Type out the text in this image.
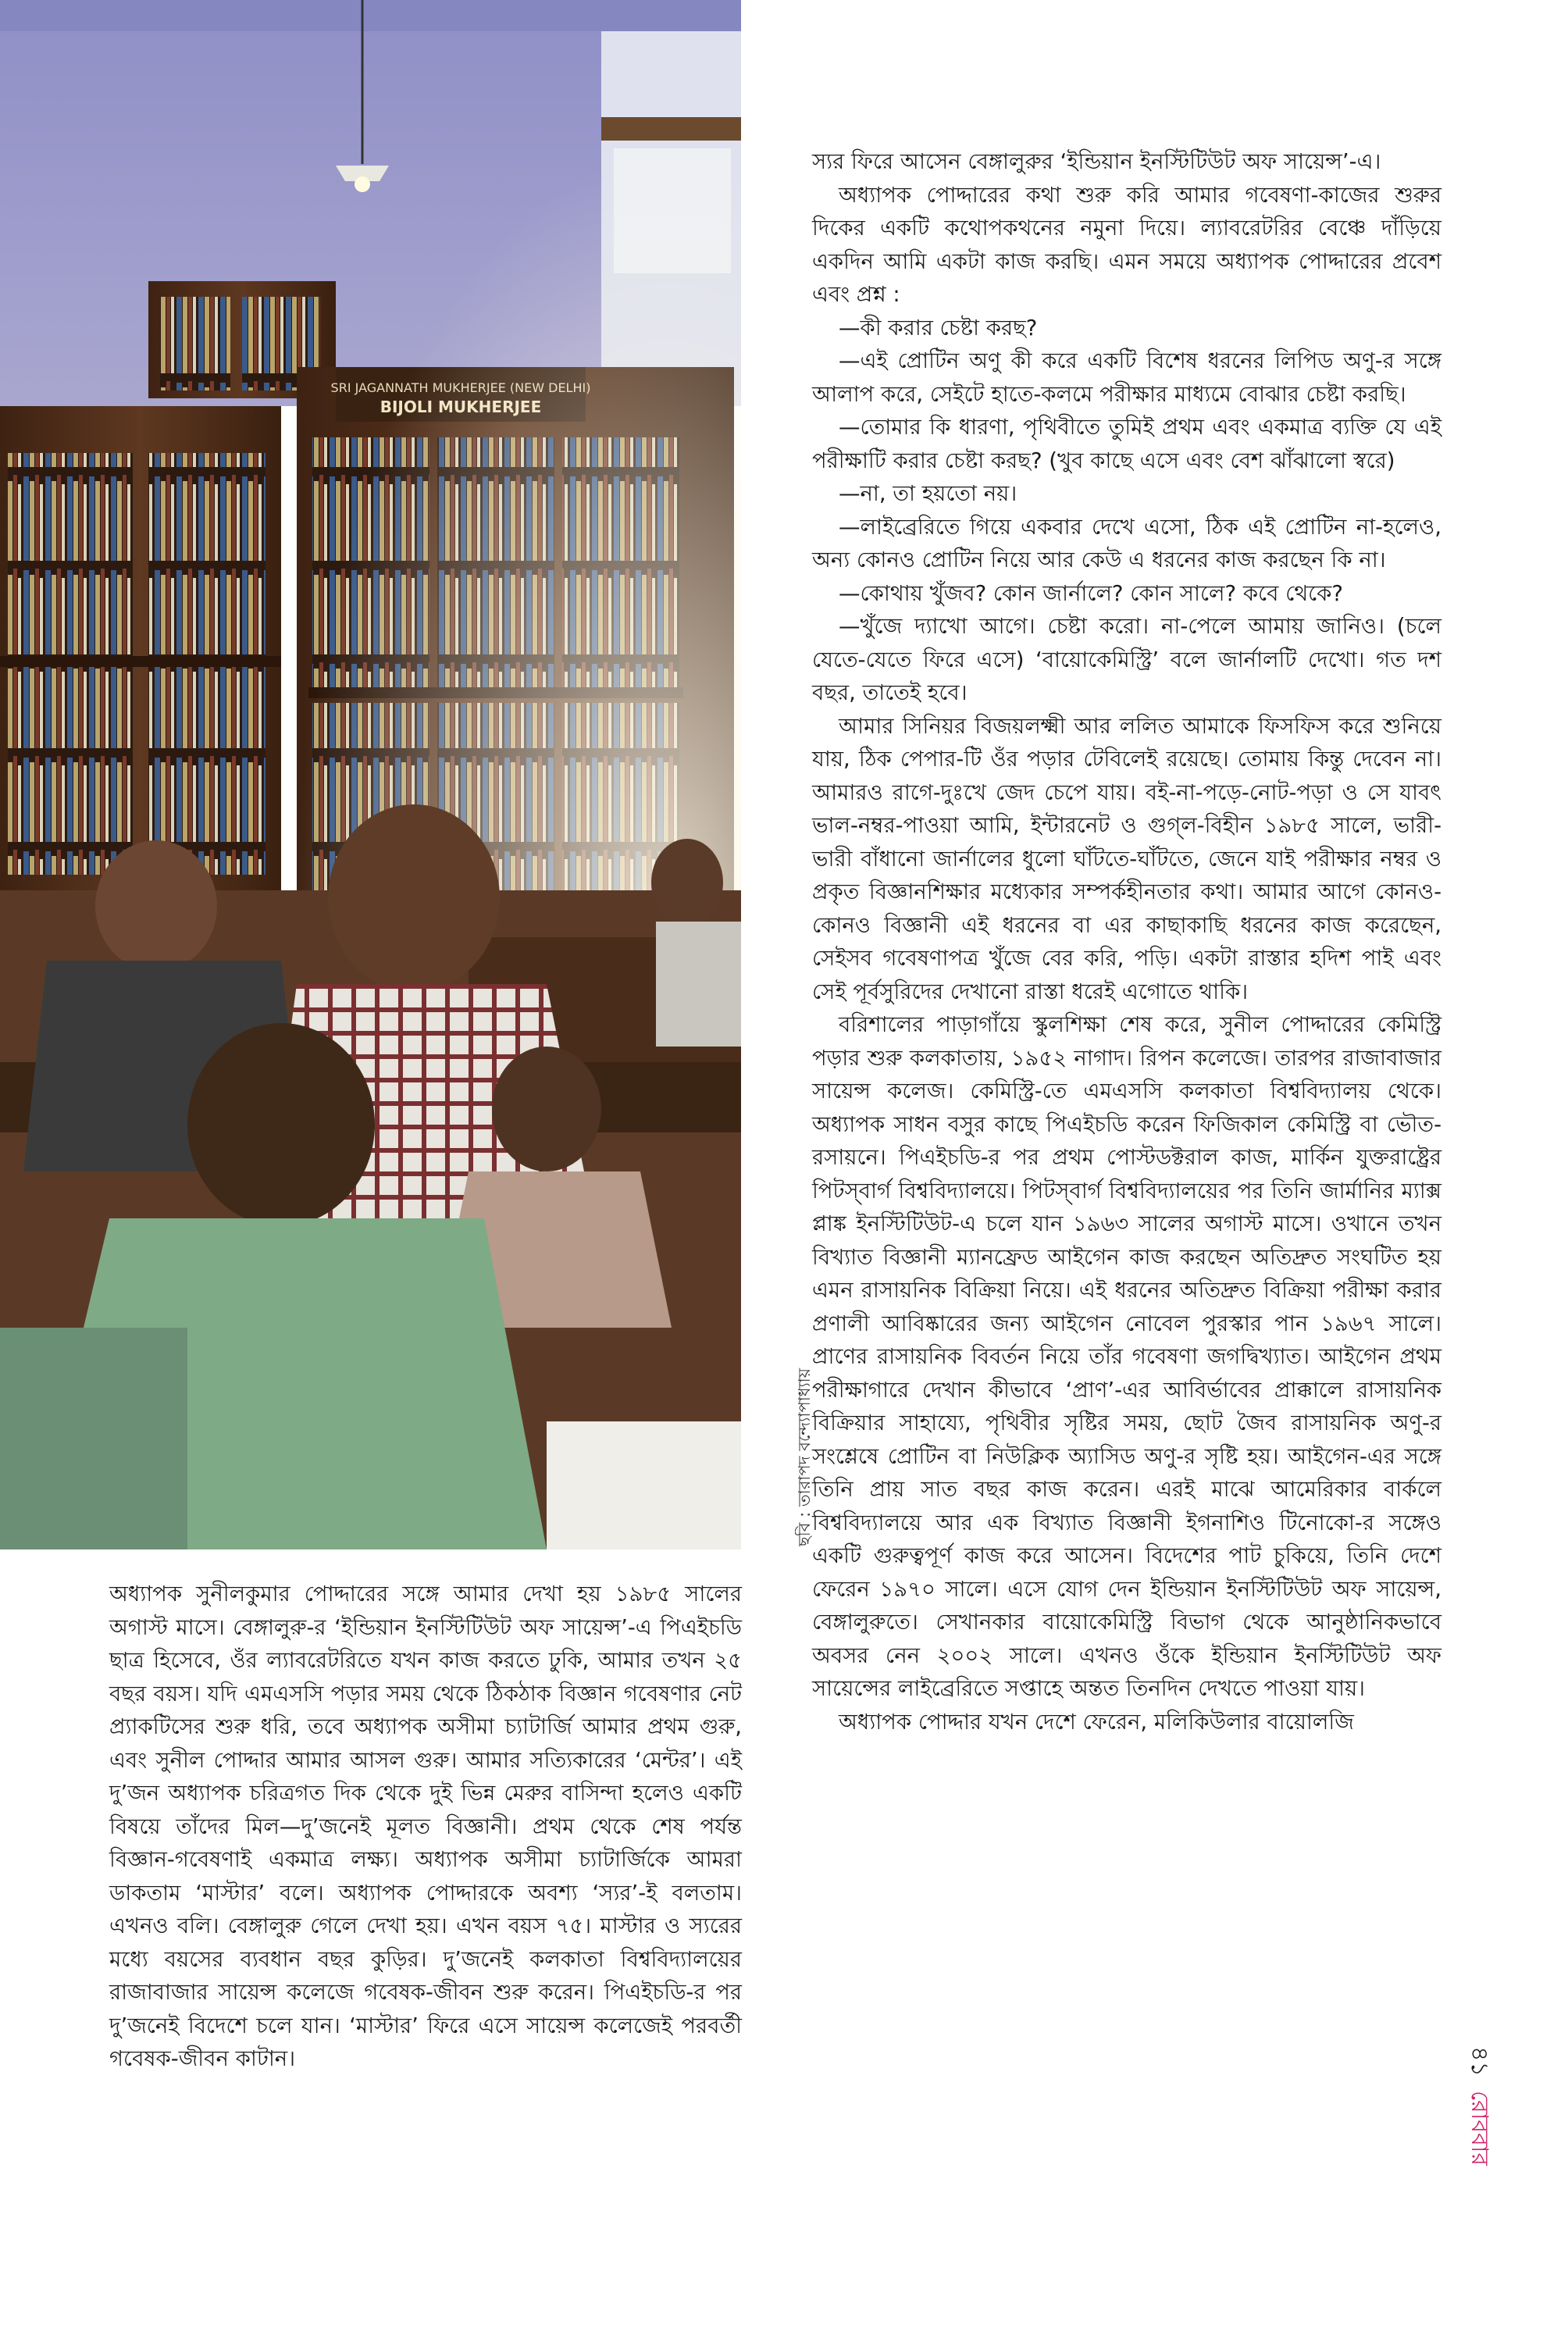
ছবি : তারাপদ বন্দ্যোপাধ্যায়

অধ্যাপক সুনীলকুমার পোদ্দারের সঙ্গে আমার দেখা হয় ১৯৮৫ সালের অগাস্ট মাসে। বেঙ্গালুরু-র ‘ইন্ডিয়ান ইনস্টিটিউট অফ সায়েন্স’-এ পিএইচডি ছাত্র হিসেবে, ওঁর ল্যাবরেটরিতে যখন কাজ করতে ঢুকি, আমার তখন ২৫ বছর বয়স। যদি এমএসসি পড়ার সময় থেকে ঠিকঠাক বিজ্ঞান গবেষণার নেট প্র্যাকটিসের শুরু ধরি, তবে অধ্যাপক অসীমা চ্যাটার্জি আমার প্রথম গুরু, এবং সুনীল পোদ্দার আমার আসল গুরু। আমার সত্যিকারের ‘মেন্টর’। এই দু’জন অধ্যাপক চরিত্রগত দিক থেকে দুই ভিন্ন মেরুর বাসিন্দা হলেও একটি বিষয়ে তাঁদের মিল—দু’জনেই মূলত বিজ্ঞানী। প্রথম থেকে শেষ পর্যন্ত বিজ্ঞান-গবেষণাই একমাত্র লক্ষ্য। অধ্যাপক অসীমা চ্যাটার্জিকে আমরা ডাকতাম ‘মাস্টার’ বলে। অধ্যাপক পোদ্দারকে অবশ্য ‘স্যর’-ই বলতাম। এখনও বলি। বেঙ্গালুরু গেলে দেখা হয়। এখন বয়স ৭৫। মাস্টার ও স্যরের মধ্যে বয়সের ব্যবধান বছর কুড়ির। দু’জনেই কলকাতা বিশ্ববিদ্যালয়ের রাজাবাজার সায়েন্স কলেজে গবেষক-জীবন শুরু করেন। পিএইচডি-র পর দু’জনেই বিদেশে চলে যান। ‘মাস্টার’ ফিরে এসে সায়েন্স কলেজেই পরবর্তী গবেষক-জীবন কাটান।

স্যর ফিরে আসেন বেঙ্গালুরুর ‘ইন্ডিয়ান ইনস্টিটিউট অফ সায়েন্স’-এ।

অধ্যাপক পোদ্দারের কথা শুরু করি আমার গবেষণা-কাজের শুরুর দিকের একটি কথোপকথনের নমুনা দিয়ে। ল্যাবরেটরির বেঞ্চে দাঁড়িয়ে একদিন আমি একটা কাজ করছি। এমন সময়ে অধ্যাপক পোদ্দারের প্রবেশ এবং প্রশ্ন :

—কী করার চেষ্টা করছ?

—এই প্রোটিন অণু কী করে একটি বিশেষ ধরনের লিপিড অণু-র সঙ্গে আলাপ করে, সেইটে হাতে-কলমে পরীক্ষার মাধ্যমে বোঝার চেষ্টা করছি।

—তোমার কি ধারণা, পৃথিবীতে তুমিই প্রথম এবং একমাত্র ব্যক্তি যে এই পরীক্ষাটি করার চেষ্টা করছ? (খুব কাছে এসে এবং বেশ ঝাঁঝালো স্বরে)

—না, তা হয়তো নয়।

—লাইব্রেরিতে গিয়ে একবার দেখে এসো, ঠিক এই প্রোটিন না-হলেও, অন্য কোনও প্রোটিন নিয়ে আর কেউ এ ধরনের কাজ করছেন কি না।

—কোথায় খুঁজব? কোন জার্নালে? কোন সালে? কবে থেকে?

—খুঁজে দ্যাখো আগে। চেষ্টা করো। না-পেলে আমায় জানিও। (চলে যেতে-যেতে ফিরে এসে) ‘বায়োকেমিস্ট্রি’ বলে জার্নালটি দেখো। গত দশ বছর, তাতেই হবে।

আমার সিনিয়র বিজয়লক্ষ্মী আর ললিত আমাকে ফিসফিস করে শুনিয়ে যায়, ঠিক পেপার-টি ওঁর পড়ার টেবিলেই রয়েছে। তোমায় কিন্তু দেবেন না। আমারও রাগে-দুঃখে জেদ চেপে যায়। বই-না-পড়ে-নোট-পড়া ও সে যাবৎ ভাল-নম্বর-পাওয়া আমি, ইন্টারনেট ও গুগ্‌ল-বিহীন ১৯৮৫ সালে, ভারী-ভারী বাঁধানো জার্নালের ধুলো ঘাঁটতে-ঘাঁটতে, জেনে যাই পরীক্ষার নম্বর ও প্রকৃত বিজ্ঞানশিক্ষার মধ্যেকার সম্পর্কহীনতার কথা। আমার আগে কোনও-কোনও বিজ্ঞানী এই ধরনের বা এর কাছাকাছি ধরনের কাজ করেছেন, সেইসব গবেষণাপত্র খুঁজে বের করি, পড়ি। একটা রাস্তার হদিশ পাই এবং সেই পূর্বসুরিদের দেখানো রাস্তা ধরেই এগোতে থাকি।

বরিশালের পাড়াগাঁয়ে স্কুলশিক্ষা শেষ করে, সুনীল পোদ্দারের কেমিস্ট্রি পড়ার শুরু কলকাতায়, ১৯৫২ নাগাদ। রিপন কলেজে। তারপর রাজাবাজার সায়েন্স কলেজ। কেমিস্ট্রি-তে এমএসসি কলকাতা বিশ্ববিদ্যালয় থেকে। অধ্যাপক সাধন বসুর কাছে পিএইচডি করেন ফিজিকাল কেমিস্ট্রি বা ভৌত-রসায়নে। পিএইচডি-র পর প্রথম পোস্টডক্টরাল কাজ, মার্কিন যুক্তরাষ্ট্রের পিটস্‌বার্গ বিশ্ববিদ্যালয়ে। পিটস্‌বার্গ বিশ্ববিদ্যালয়ের পর তিনি জার্মানির ম্যাক্স প্লাঙ্ক ইনস্টিটিউট-এ চলে যান ১৯৬৩ সালের অগাস্ট মাসে। ওখানে তখন বিখ্যাত বিজ্ঞানী ম্যানফ্রেড আইগেন কাজ করছেন অতিদ্রুত সংঘটিত হয় এমন রাসায়নিক বিক্রিয়া নিয়ে। এই ধরনের অতিদ্রুত বিক্রিয়া পরীক্ষা করার প্রণালী আবিষ্কারের জন্য আইগেন নোবেল পুরস্কার পান ১৯৬৭ সালে। প্রাণের রাসায়নিক বিবর্তন নিয়ে তাঁর গবেষণা জগদ্বিখ্যাত। আইগেন প্রথম পরীক্ষাগারে দেখান কীভাবে ‘প্রাণ’-এর আবির্ভাবের প্রাক্কালে রাসায়নিক বিক্রিয়ার সাহায্যে, পৃথিবীর সৃষ্টির সময়, ছোট জৈব রাসায়নিক অণু-র সংশ্লেষে প্রোটিন বা নিউক্লিক অ্যাসিড অণু-র সৃষ্টি হয়। আইগেন-এর সঙ্গে তিনি প্রায় সাত বছর কাজ করেন। এরই মাঝে আমেরিকার বার্কলে বিশ্ববিদ্যালয়ে আর এক বিখ্যাত বিজ্ঞানী ইগনাশিও টিনোকো-র সঙ্গেও একটি গুরুত্বপূর্ণ কাজ করে আসেন। বিদেশের পাট চুকিয়ে, তিনি দেশে ফেরেন ১৯৭০ সালে। এসে যোগ দেন ইন্ডিয়ান ইনস্টিটিউট অফ সায়েন্স, বেঙ্গালুরুতে। সেখানকার বায়োকেমিস্ট্রি বিভাগ থেকে আনুষ্ঠানিকভাবে অবসর নেন ২০০২ সালে। এখনও ওঁকে ইন্ডিয়ান ইনস্টিটিউট অফ সায়েন্সের লাইব্রেরিতে সপ্তাহে অন্তত তিনদিন দেখতে পাওয়া যায়।

অধ্যাপক পোদ্দার যখন দেশে ফেরেন, মলিকিউলার বায়োলজি

৪১
রোববার
